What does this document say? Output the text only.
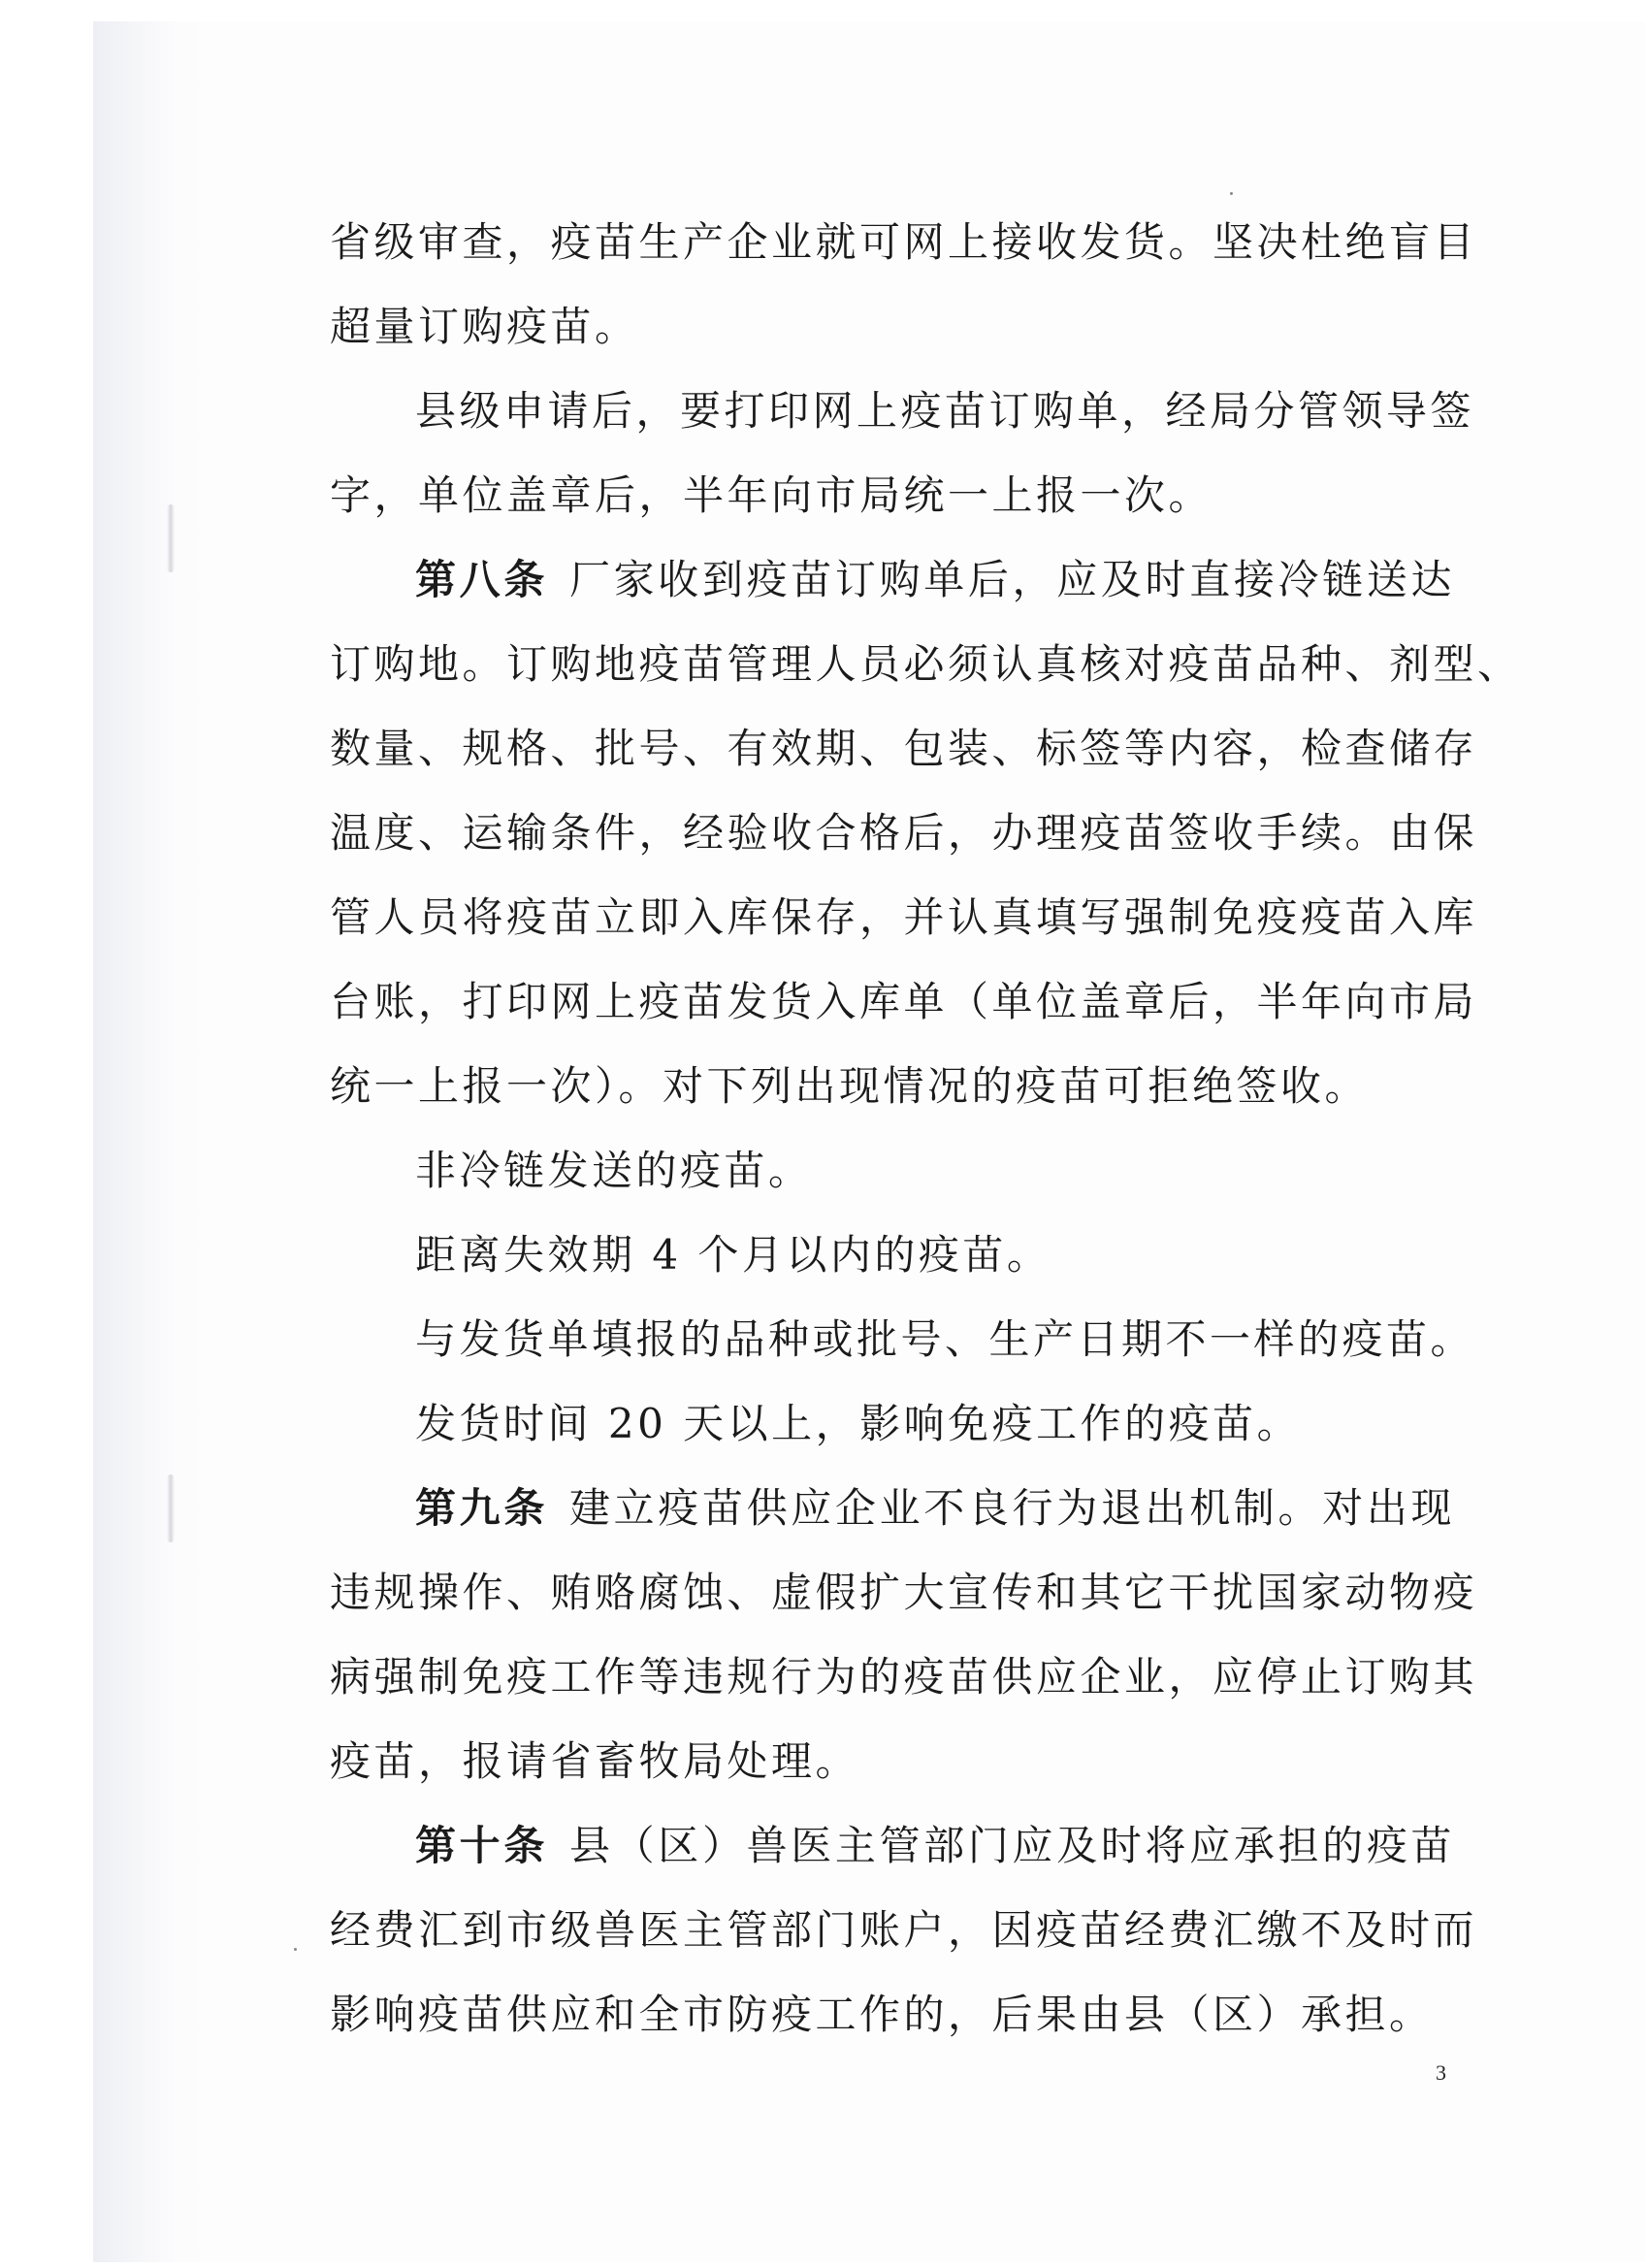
省级审查，疫苗生产企业就可网上接收发货。坚决杜绝盲目
超量订购疫苗。
县级申请后，要打印网上疫苗订购单，经局分管领导签
字，单位盖章后，半年向市局统一上报一次。
第八条 厂家收到疫苗订购单后，应及时直接冷链送达
订购地。订购地疫苗管理人员必须认真核对疫苗品种、剂型、
数量、规格、批号、有效期、包装、标签等内容，检查储存
温度、运输条件，经验收合格后，办理疫苗签收手续。由保
管人员将疫苗立即入库保存，并认真填写强制免疫疫苗入库
台账，打印网上疫苗发货入库单（单位盖章后，半年向市局
统一上报一次）。对下列出现情况的疫苗可拒绝签收。
非冷链发送的疫苗。
距离失效期 4 个月以内的疫苗。
与发货单填报的品种或批号、生产日期不一样的疫苗。
发货时间 20 天以上，影响免疫工作的疫苗。
第九条 建立疫苗供应企业不良行为退出机制。对出现
违规操作、贿赂腐蚀、虚假扩大宣传和其它干扰国家动物疫
病强制免疫工作等违规行为的疫苗供应企业，应停止订购其
疫苗，报请省畜牧局处理。
第十条 县（区）兽医主管部门应及时将应承担的疫苗
经费汇到市级兽医主管部门账户，因疫苗经费汇缴不及时而
影响疫苗供应和全市防疫工作的，后果由县（区）承担。
3
